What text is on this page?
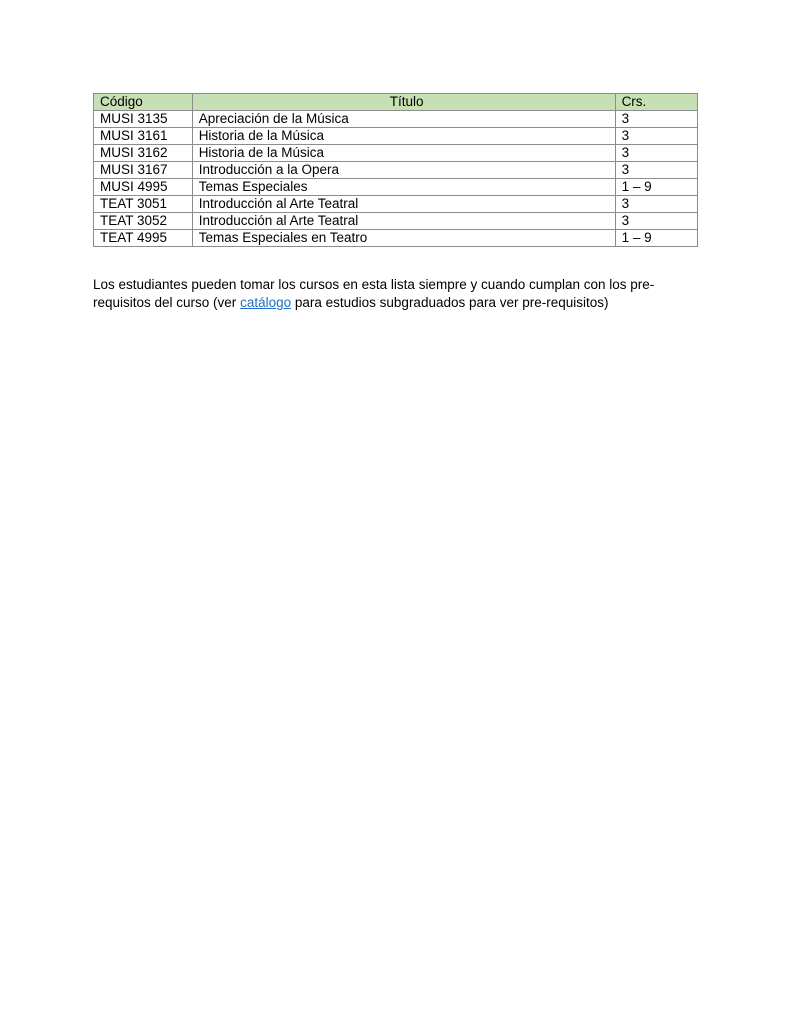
Código	Título	Crs.
MUSI 3135	Apreciación de la Música	3
MUSI 3161	Historia de la Música	3
MUSI 3162	Historia de la Música	3
MUSI 3167	Introducción a la Opera	3
MUSI 4995	Temas Especiales	1 – 9
TEAT 3051	Introducción al Arte Teatral	3
TEAT 3052	Introducción al Arte Teatral	3
TEAT 4995	Temas Especiales en Teatro	1 – 9

Los estudiantes pueden tomar los cursos en esta lista siempre y cuando cumplan con los pre-requisitos del curso (ver catálogo para estudios subgraduados para ver pre-requisitos)
